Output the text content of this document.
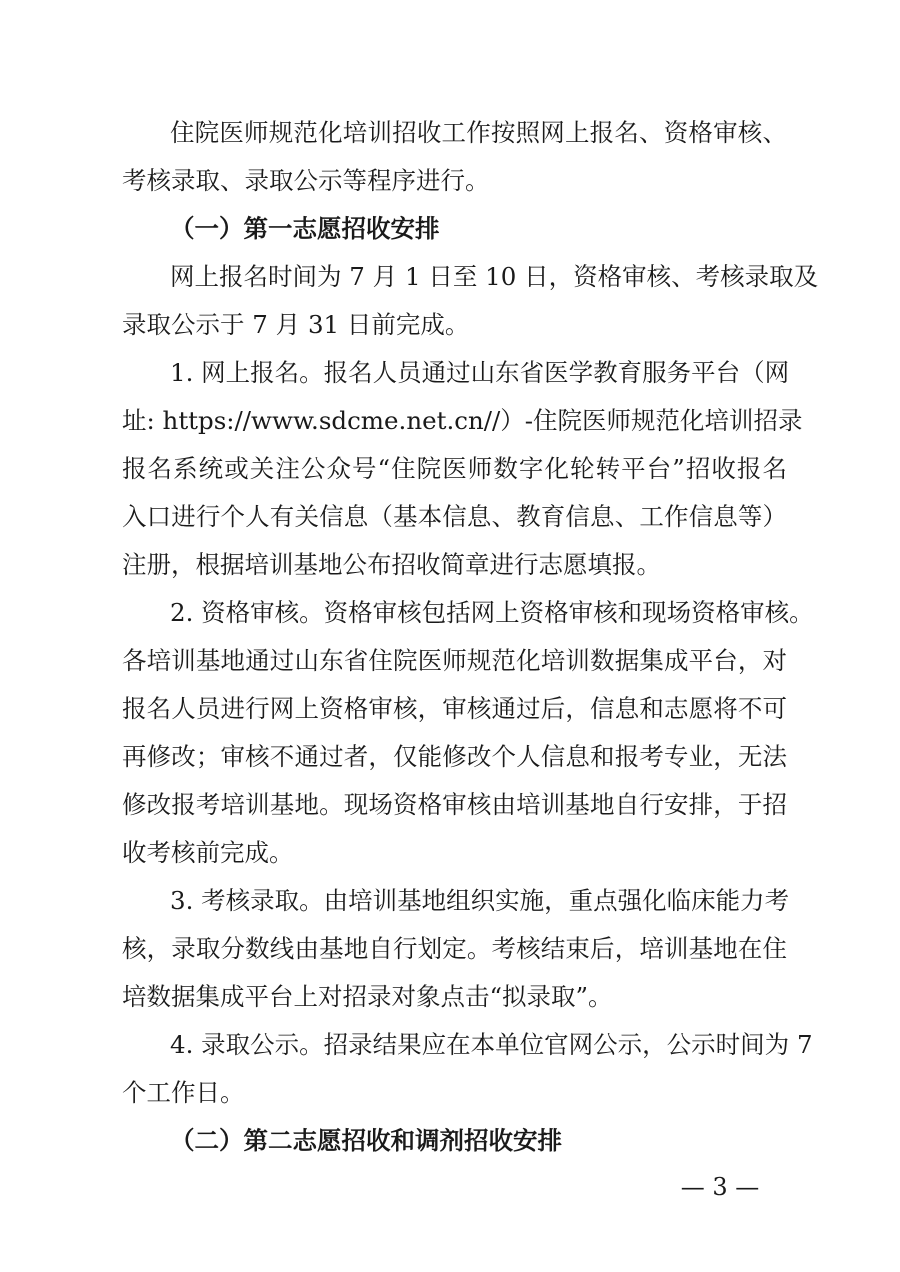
住院医师规范化培训招收工作按照网上报名、资格审核、
考核录取、录取公示等程序进行。
（一）第一志愿招收安排
网上报名时间为 7 月 1 日至 10 日，资格审核、考核录取及
录取公示于 7 月 31 日前完成。
1. 网上报名。报名人员通过山东省医学教育服务平台（网
址: https://www.sdcme.net.cn//）-住院医师规范化培训招录
报名系统或关注公众号“住院医师数字化轮转平台”招收报名
入口进行个人有关信息（基本信息、教育信息、工作信息等）
注册，根据培训基地公布招收简章进行志愿填报。
2. 资格审核。资格审核包括网上资格审核和现场资格审核。
各培训基地通过山东省住院医师规范化培训数据集成平台，对
报名人员进行网上资格审核，审核通过后，信息和志愿将不可
再修改；审核不通过者，仅能修改个人信息和报考专业，无法
修改报考培训基地。现场资格审核由培训基地自行安排，于招
收考核前完成。
3. 考核录取。由培训基地组织实施，重点强化临床能力考
核，录取分数线由基地自行划定。考核结束后，培训基地在住
培数据集成平台上对招录对象点击“拟录取”。
4. 录取公示。招录结果应在本单位官网公示，公示时间为 7
个工作日。
（二）第二志愿招收和调剂招收安排
— 3 —
